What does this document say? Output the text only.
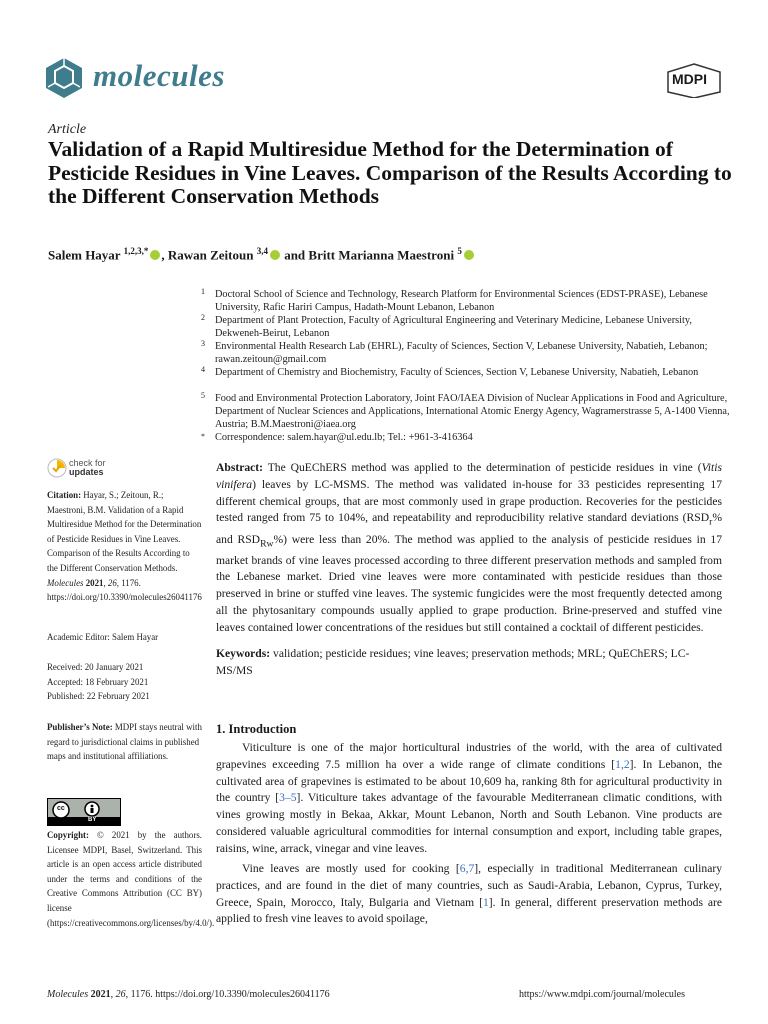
molecules	MDPI
Article
Validation of a Rapid Multiresidue Method for the Determination of Pesticide Residues in Vine Leaves. Comparison of the Results According to the Different Conservation Methods
Salem Hayar $^{1,2,3,*}$ , Rawan Zeitoun $^{3,4}$ and Britt Marianna Maestroni $^5$
1 Doctoral School of Science and Technology, Research Platform for Environmental Sciences (EDST-PRASE), Lebanese University, Rafic Hariri Campus, Hadath-Mount Lebanon, Lebanon
2 Department of Plant Protection, Faculty of Agricultural Engineering and Veterinary Medicine, Lebanese University, Dekweneh-Beirut, Lebanon
3 Environmental Health Research Lab (EHRL), Faculty of Sciences, Section V, Lebanese University, Nabatieh, Lebanon; rawan.zeitoun@gmail.com
4 Department of Chemistry and Biochemistry, Faculty of Sciences, Section V, Lebanese University, Nabatieh, Lebanon
5 Food and Environmental Protection Laboratory, Joint FAO/IAEA Division of Nuclear Applications in Food and Agriculture, Department of Nuclear Sciences and Applications, International Atomic Energy Agency, Wagramerstrasse 5, A-1400 Vienna, Austria; B.M.Maestroni@iaea.org
* Correspondence: salem.hayar@ul.edu.lb; Tel.: +961-3-416364
check for
updates
Citation: Hayar, S.; Zeitoun, R.; Maestroni, B.M. Validation of a Rapid Multiresidue Method for the Determination of Pesticide Residues in Vine Leaves. Comparison of the Results According to the Different Conservation Methods. Molecules 2021, 26, 1176. https://doi.org/10.3390/molecules26041176
Academic Editor: Salem Hayar
Received: 20 January 2021
Accepted: 18 February 2021
Published: 22 February 2021
Publisher’s Note: MDPI stays neutral with regard to jurisdictional claims in published maps and institutional affiliations.
cc
BY
Copyright: © 2021 by the authors. Licensee MDPI, Basel, Switzerland. This article is an open access article distributed under the terms and conditions of the Creative Commons Attribution (CC BY) license (https://creativecommons.org/licenses/by/4.0/).
Abstract: The QuEChERS method was applied to the determination of pesticide residues in vine (Vitis vinifera) leaves by LC-MSMS. The method was validated in-house for 33 pesticides representing 17 different chemical groups, that are most commonly used in grape production. Recoveries for the pesticides tested ranged from 75 to 104%, and repeatability and reproducibility relative standard deviations ($RSD_r\%$ and $RSD_{Rw}\%$) were less than 20%. The method was applied to the analysis of pesticide residues in 17 market brands of vine leaves processed according to three different preservation methods and sampled from the Lebanese market. Dried vine leaves were more contaminated with pesticide residues than those preserved in brine or stuffed vine leaves. The systemic fungicides were the most frequently detected among all the phytosanitary compounds usually applied to grape production. Brine-preserved and stuffed vine leaves contained lower concentrations of the residues but still contained a cocktail of different pesticides.
Keywords: validation; pesticide residues; vine leaves; preservation methods; MRL; QuEChERS; LC-MS/MS
1. Introduction
Viticulture is one of the major horticultural industries of the world, with the area of cultivated grapevines exceeding 7.5 million ha over a wide range of climate conditions [1,2]. In Lebanon, the cultivated area of grapevines is estimated to be about 10,609 ha, ranking 8th for agricultural productivity in the country [3–5]. Viticulture takes advantage of the favourable Mediterranean climatic conditions, with vines growing mostly in Bekaa, Akkar, Mount Lebanon, North and South Lebanon. Vine products are considered valuable agricultural commodities for internal consumption and export, including table grapes, raisins, wine, arrack, vinegar and vine leaves.
Vine leaves are mostly used for cooking [6,7], especially in traditional Mediterranean culinary practices, and are found in the diet of many countries, such as Saudi-Arabia, Lebanon, Cyprus, Turkey, Greece, Spain, Morocco, Italy, Bulgaria and Vietnam [1]. In general, different preservation methods are applied to fresh vine leaves to avoid spoilage,
Molecules 2021, 26, 1176. https://doi.org/10.3390/molecules26041176	https://www.mdpi.com/journal/molecules
